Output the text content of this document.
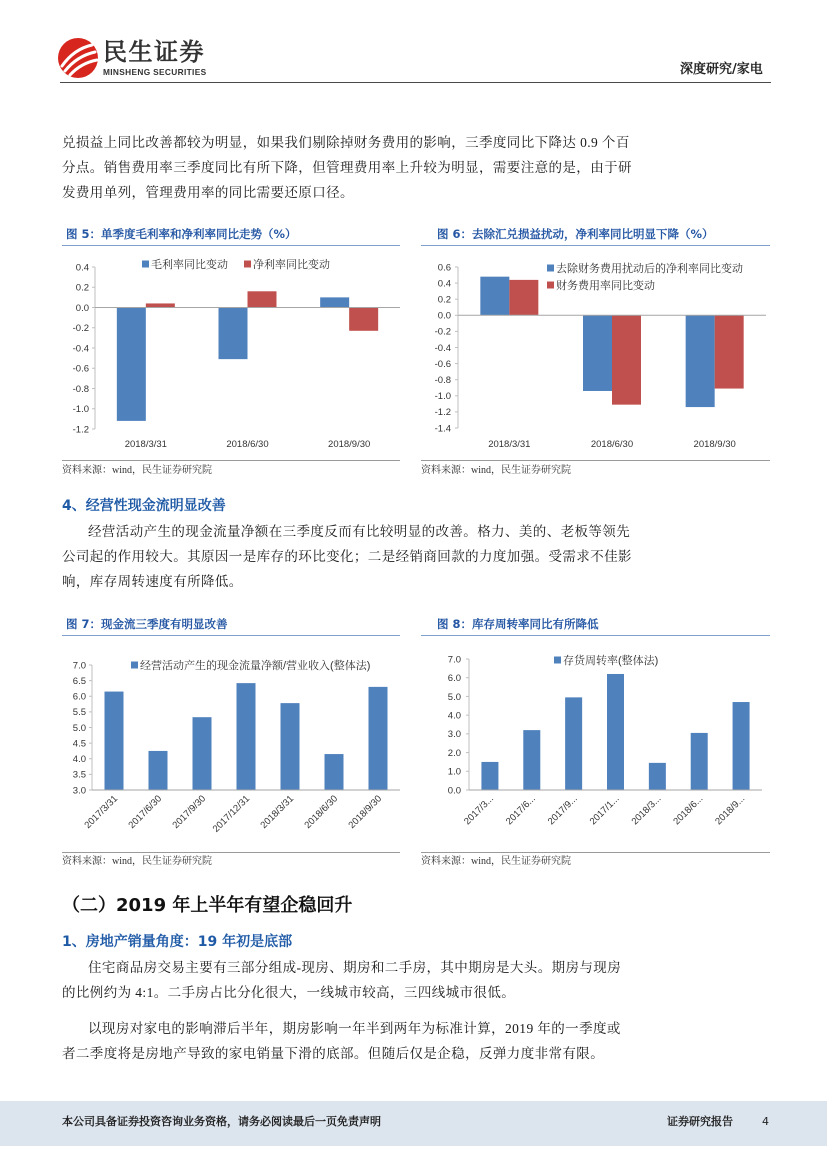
民生证券
MINSHENG SECURITIES	深度研究/家电
兑损益上同比改善都较为明显，如果我们剔除掉财务费用的影响，三季度同比下降达 0.9 个百
分点。销售费用率三季度同比有所下降，但管理费用率上升较为明显，需要注意的是，由于研
发费用单列，管理费用率的同比需要还原口径。
图 5：单季度毛利率和净利率同比走势（%）	图 6：去除汇兑损益扰动，净利率同比明显下降（%）
0.4
0.2
0.0
-0.2
-0.4
-0.6
-0.8
-1.0
-1.2
2018/3/31	2018/6/30	2018/9/30
毛利率同比变动 净利率同比变动	0.6
0.4
0.2
0.0
-0.2
-0.4
-0.6
-0.8
-1.0
-1.2
-1.4
2018/3/31	2018/6/30	2018/9/30
去除财务费用扰动后的净利率同比变动
财务费用率同比变动
资料来源：wind，民生证券研究院	资料来源：wind，民生证券研究院
4、经营性现金流明显改善
经营活动产生的现金流量净额在三季度反而有比较明显的改善。格力、美的、老板等领先
公司起的作用较大。其原因一是库存的环比变化；二是经销商回款的力度加强。受需求不佳影
响，库存周转速度有所降低。
图 7：现金流三季度有明显改善	图 8：库存周转率同比有所降低
7.0
6.5
6.0
5.5
5.0
4.5
4.0
3.5
3.0
2017/3/31 2017/6/30 2017/9/30 2017/12/31 2018/3/31 2018/6/30 2018/9/30
经营活动产生的现金流量净额/营业收入(整体法)
7.0
6.0
5.0
4.0
3.0
2.0
1.0
0.0
2017/3... 2017/6... 2017/9... 2017/1... 2018/3... 2018/6... 2018/9...
存货周转率(整体法)
资料来源：wind，民生证券研究院	资料来源：wind，民生证券研究院
（二）2019 年上半年有望企稳回升
1、房地产销量角度：19 年初是底部
住宅商品房交易主要有三部分组成-现房、期房和二手房，其中期房是大头。期房与现房
的比例约为 4:1。二手房占比分化很大，一线城市较高，三四线城市很低。
以现房对家电的影响滞后半年，期房影响一年半到两年为标准计算，2019 年的一季度或
者二季度将是房地产导致的家电销量下滑的底部。但随后仅是企稳，反弹力度非常有限。
本公司具备证券投资咨询业务资格，请务必阅读最后一页免责声明	证券研究报告	4
